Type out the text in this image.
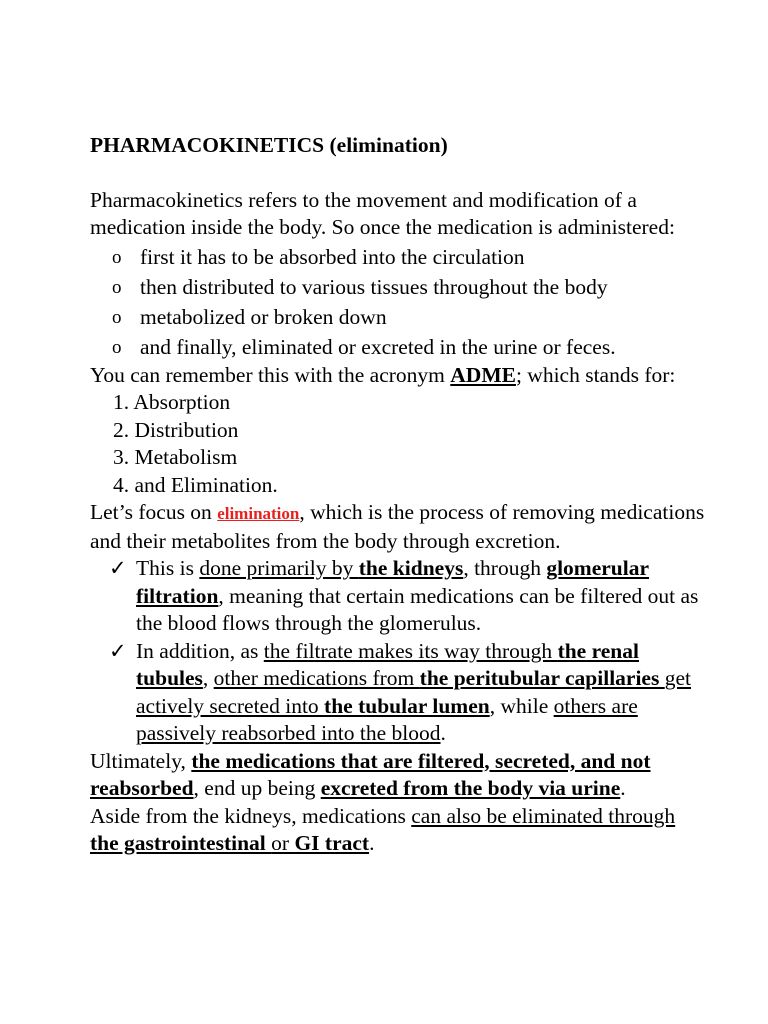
PHARMACOKINETICS (elimination)

Pharmacokinetics refers to the movement and modification of a medication inside the body. So once the medication is administered:

o first it has to be absorbed into the circulation
o then distributed to various tissues throughout the body
o metabolized or broken down
o and finally, eliminated or excreted in the urine or feces.

You can remember this with the acronym ADME; which stands for:

1. Absorption
2. Distribution
3. Metabolism
4. and Elimination.

Let’s focus on elimination, which is the process of removing medications and their metabolites from the body through excretion.

✓ This is done primarily by the kidneys, through glomerular filtration, meaning that certain medications can be filtered out as the blood flows through the glomerulus.
✓ In addition, as the filtrate makes its way through the renal tubules, other medications from the peritubular capillaries get actively secreted into the tubular lumen, while others are passively reabsorbed into the blood.

Ultimately, the medications that are filtered, secreted, and not reabsorbed, end up being excreted from the body via urine.

Aside from the kidneys, medications can also be eliminated through the gastrointestinal or GI tract.
